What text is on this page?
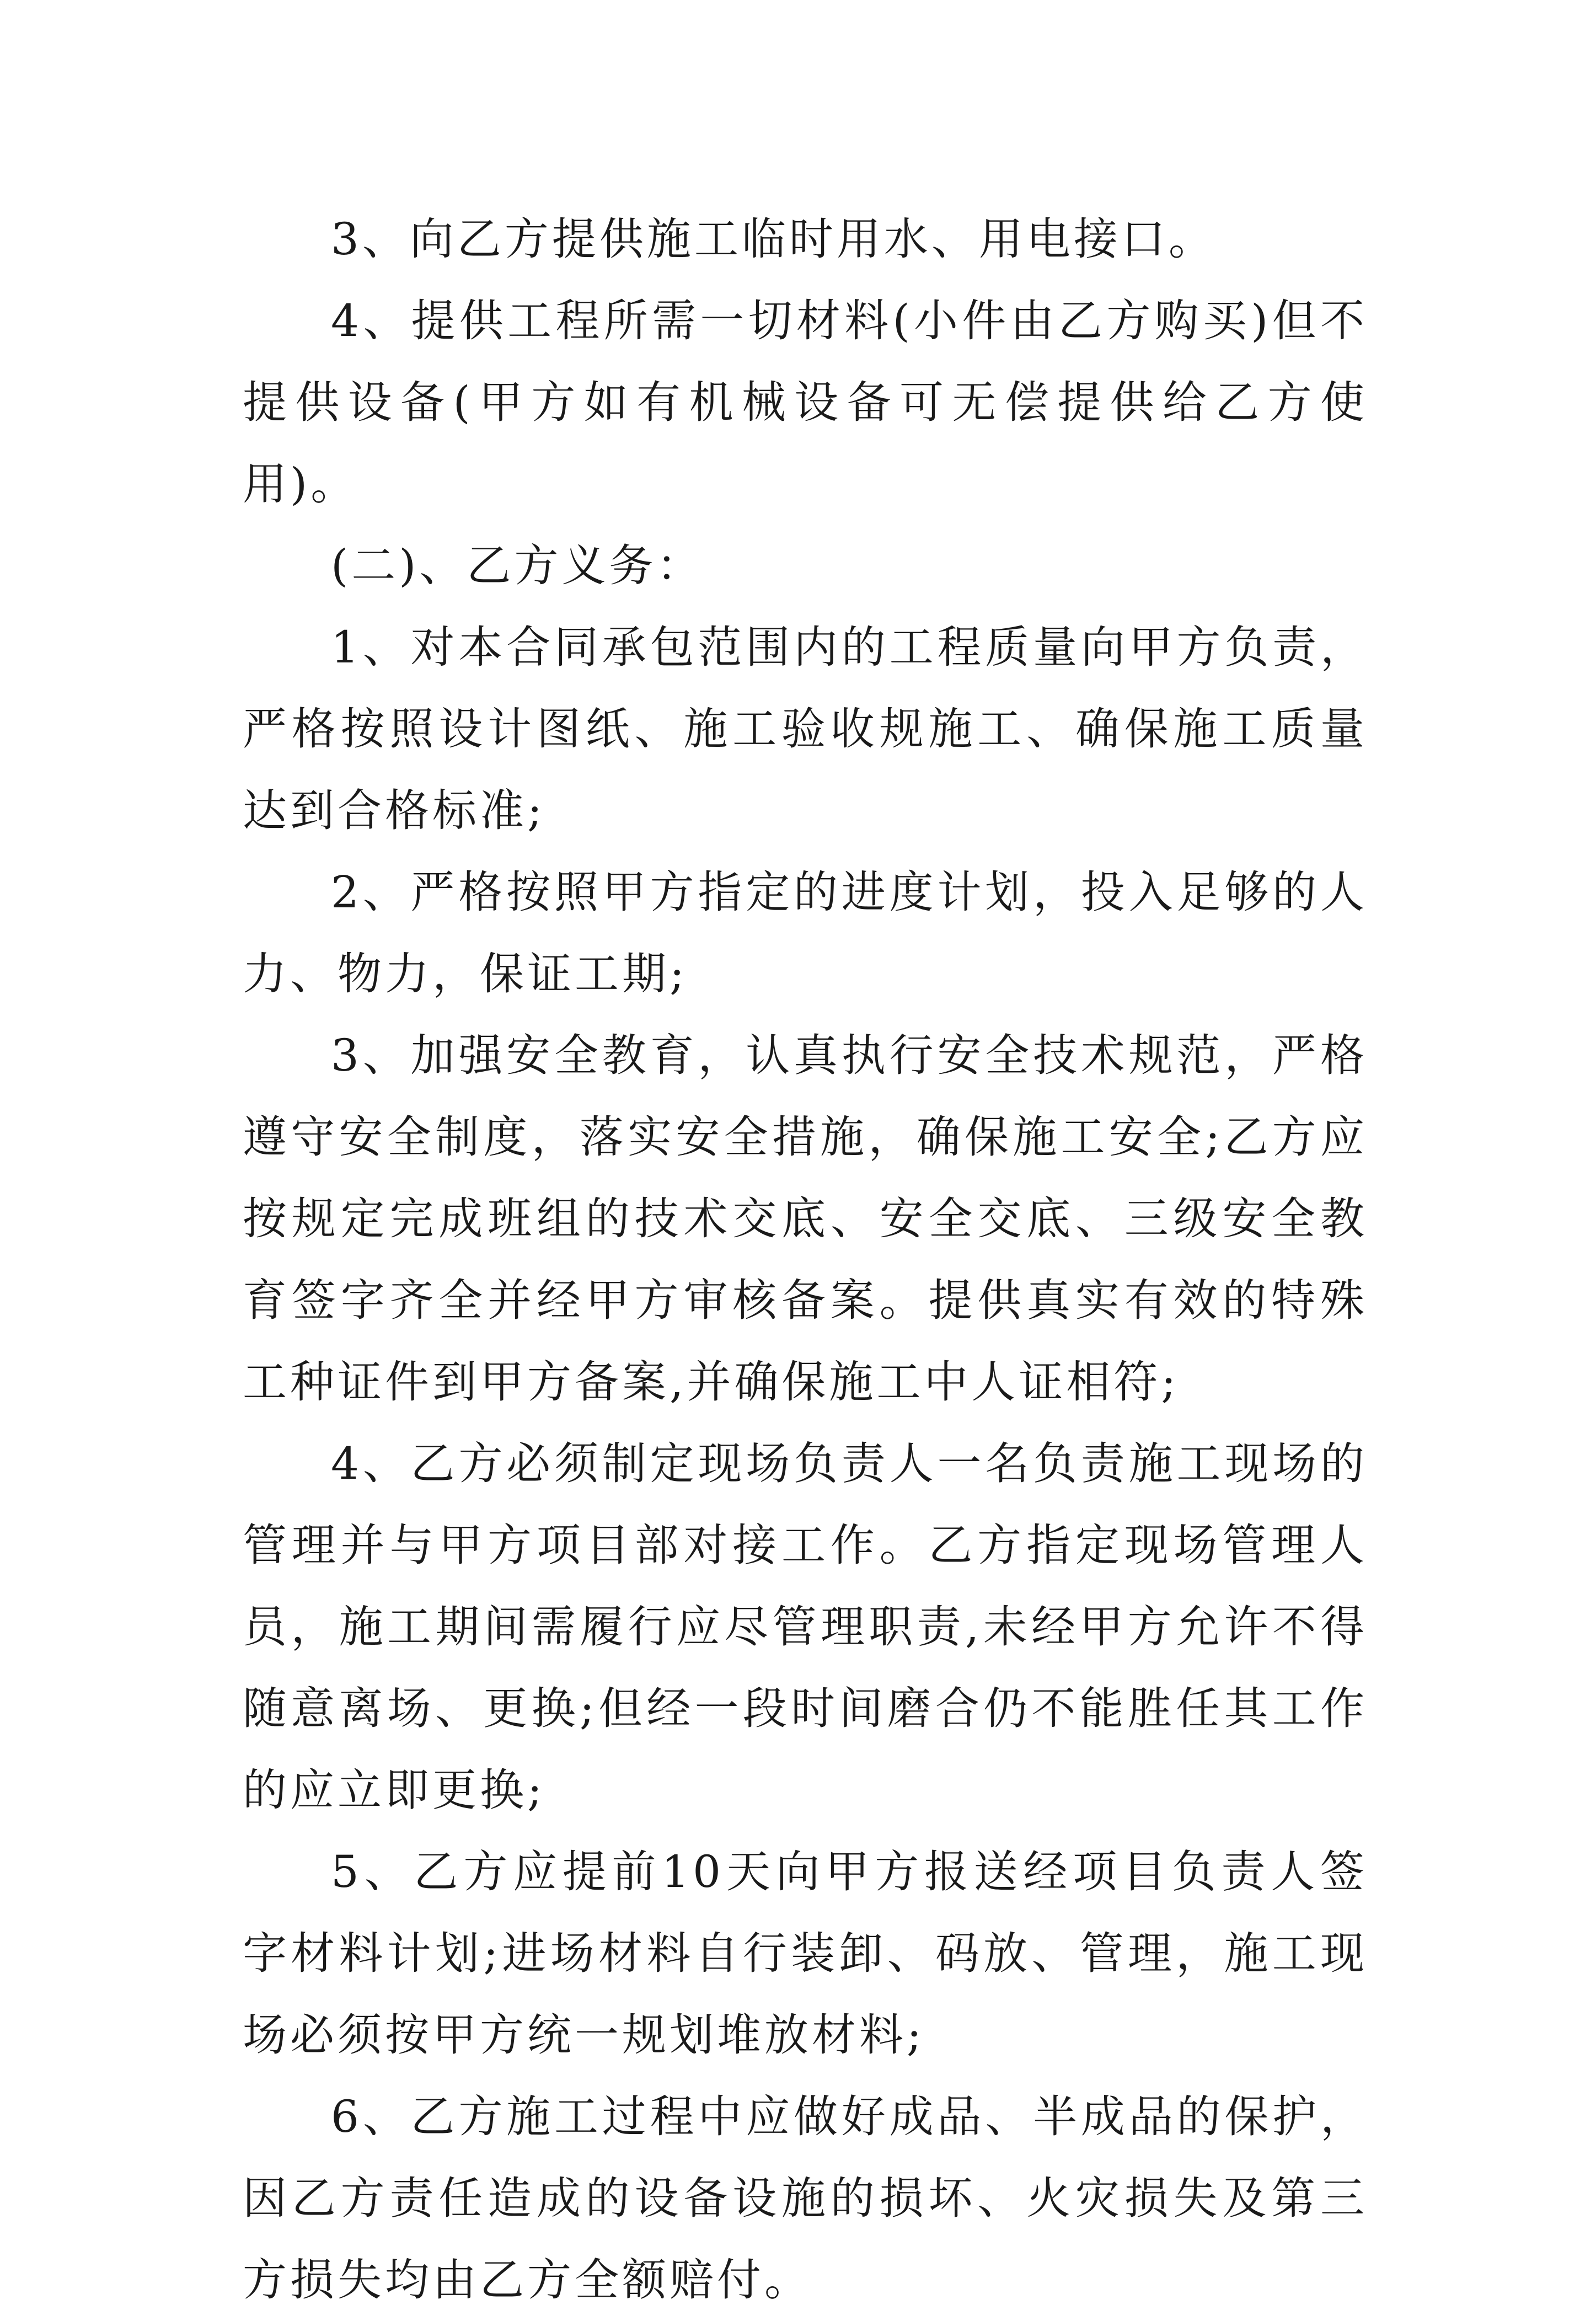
3、向乙方提供施工临时用水、用电接口。

4、提供工程所需一切材料(小件由乙方购买)但不提供设备(甲方如有机械设备可无偿提供给乙方使用)。

(二)、乙方义务：

1、对本合同承包范围内的工程质量向甲方负责，严格按照设计图纸、施工验收规施工、确保施工质量达到合格标准;

2、严格按照甲方指定的进度计划，投入足够的人力、物力，保证工期;

3、加强安全教育，认真执行安全技术规范，严格遵守安全制度，落实安全措施，确保施工安全;乙方应按规定完成班组的技术交底、安全交底、三级安全教育签字齐全并经甲方审核备案。提供真实有效的特殊工种证件到甲方备案,并确保施工中人证相符;

4、乙方必须制定现场负责人一名负责施工现场的管理并与甲方项目部对接工作。乙方指定现场管理人员，施工期间需履行应尽管理职责,未经甲方允许不得随意离场、更换;但经一段时间磨合仍不能胜任其工作的应立即更换;

5、乙方应提前10天向甲方报送经项目负责人签字材料计划;进场材料自行装卸、码放、管理，施工现场必须按甲方统一规划堆放材料;

6、乙方施工过程中应做好成品、半成品的保护，因乙方责任造成的设备设施的损坏、火灾损失及第三方损失均由乙方全额赔付。
